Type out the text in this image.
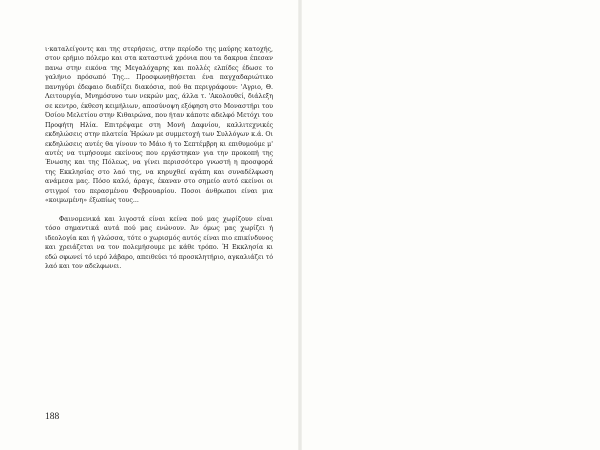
ι·καταλείγοντς και της στερήσεις, στην περίοδο της μαύρης κατοχής, στον ερήμιο πόλεμο και στα καταστινά χρόνια που τα δακρυα έπεσαν πανω στην εικόνα της Μεγαλόχαρης και πολλές ελπίδες έδωσε το γαλήνιο πρόσωπό Της... Προσφωνηθήσεται ένα παγχαδαριώτικο πανηγύρι έδεφαιο διαδίζει διακόσια, πού θα περιγράφουν: 'Αγριο, Θ. Λειτουργία, Μνημόσυνο των νεκρών μας, άλλα τ. 'Ακολουθεί, διάλεξη σε κεντρο, έκθεση κειμήλιων, αποσύνοψη εξόφηση στο Μοναστήρι του Όσίου Μελετίου στην Κιθαιρώνα, που ήταν κάποτε αδελφό Μετόχι του Προφήτη Ηλία. Επιτρέψαμε στη Μονή Δαφνίου, καλλιτεχνικές εκδηλώσεις στην πλατεία Ήρώων με συμμετοχή των Συλλόγων κ.ά. Οι εκδηλώσεις αυτές θα γίνουν το Μάιο ή το Σεπτέμβρη κι επιθυμούμε μ' αυτές να τιμήσουμε εκείνους που εργάστηκαν για την προκοπή της Ένωσης και της Πόλεως, να γίνει περισσότερο γνωστή η προσφορά της Εκκλησίας στο λαό της, να κηρυχθεί αγάπη και συναδέλφωση ανάμεσα μας. Πόσο καλό, άραγε, έκαναν στο σημείο αυτό εκείνοι οι στιγμοί του περασμένου Φεβρουαρίου. Ποσοι άνθρωποι είναι μια «κοιμωμένη» έξωπίως τους...

Φαινομενικά και λιγοστά είναι κείνα πού μας χωρίζουν είναι τόσο σημαντικά αυτά πού μας ενώνουν. Άν όμως μας χωρίζει ή ιδεολογία και ή γλώσσα, τότε ο χωρισμός αυτός είναι πιο επικίνδυνος και χρειάζεται να τον πολεμήσουμε με κάθε τρόπο. Ή Εκκλησία κι εδώ σφωνεί τό ιερό λάβαρο, απειθεύει τό προσκλητήριο, αγκαλιάζει τό λαό και τον αδελφωνει.

188
